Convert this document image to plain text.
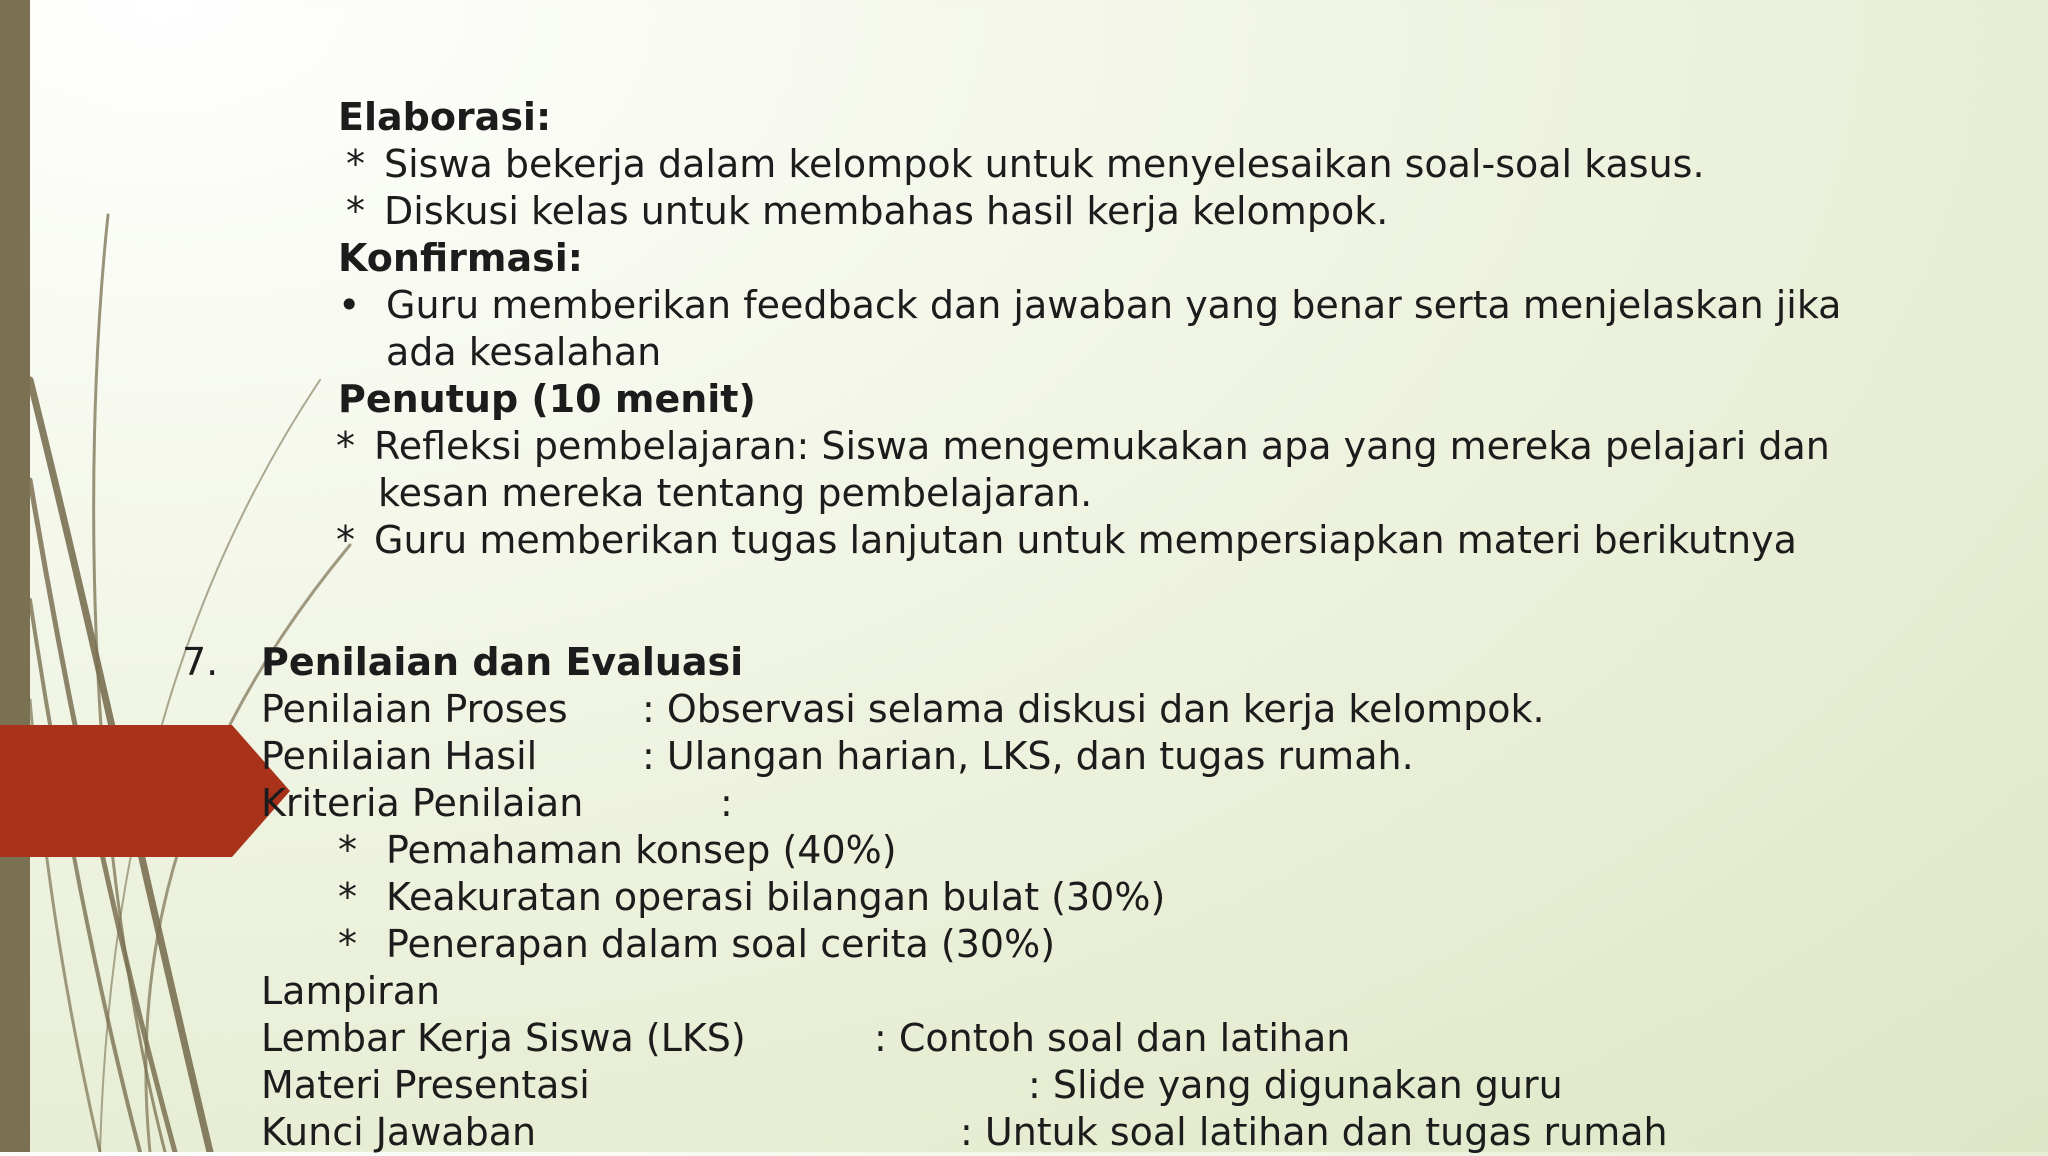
Elaborasi:

* Siswa bekerja dalam kelompok untuk menyelesaikan soal-soal kasus.
* Diskusi kelas untuk membahas hasil kerja kelompok.

Konfirmasi:

• Guru memberikan feedback dan jawaban yang benar serta menjelaskan jika
ada kesalahan

Penutup (10 menit)

* Refleksi pembelajaran: Siswa mengemukakan apa yang mereka pelajari dan
kesan mereka tentang pembelajaran.
* Guru memberikan tugas lanjutan untuk mempersiapkan materi berikutnya
7. Penilaian dan Evaluasi

Penilaian Proses : Observasi selama diskusi dan kerja kelompok.
Penilaian Hasil	: Ulangan harian, LKS, dan tugas rumah.
Kriteria Penilaian	:
* Pemahaman konsep (40%)
* Keakuratan operasi bilangan bulat (30%)
* Penerapan dalam soal cerita (30%)

Lampiran

Lembar Kerja Siswa (LKS)	: Contoh soal dan latihan
Materi Presentasi	: Slide yang digunakan guru
Kunci Jawaban	: Untuk soal latihan dan tugas rumah
